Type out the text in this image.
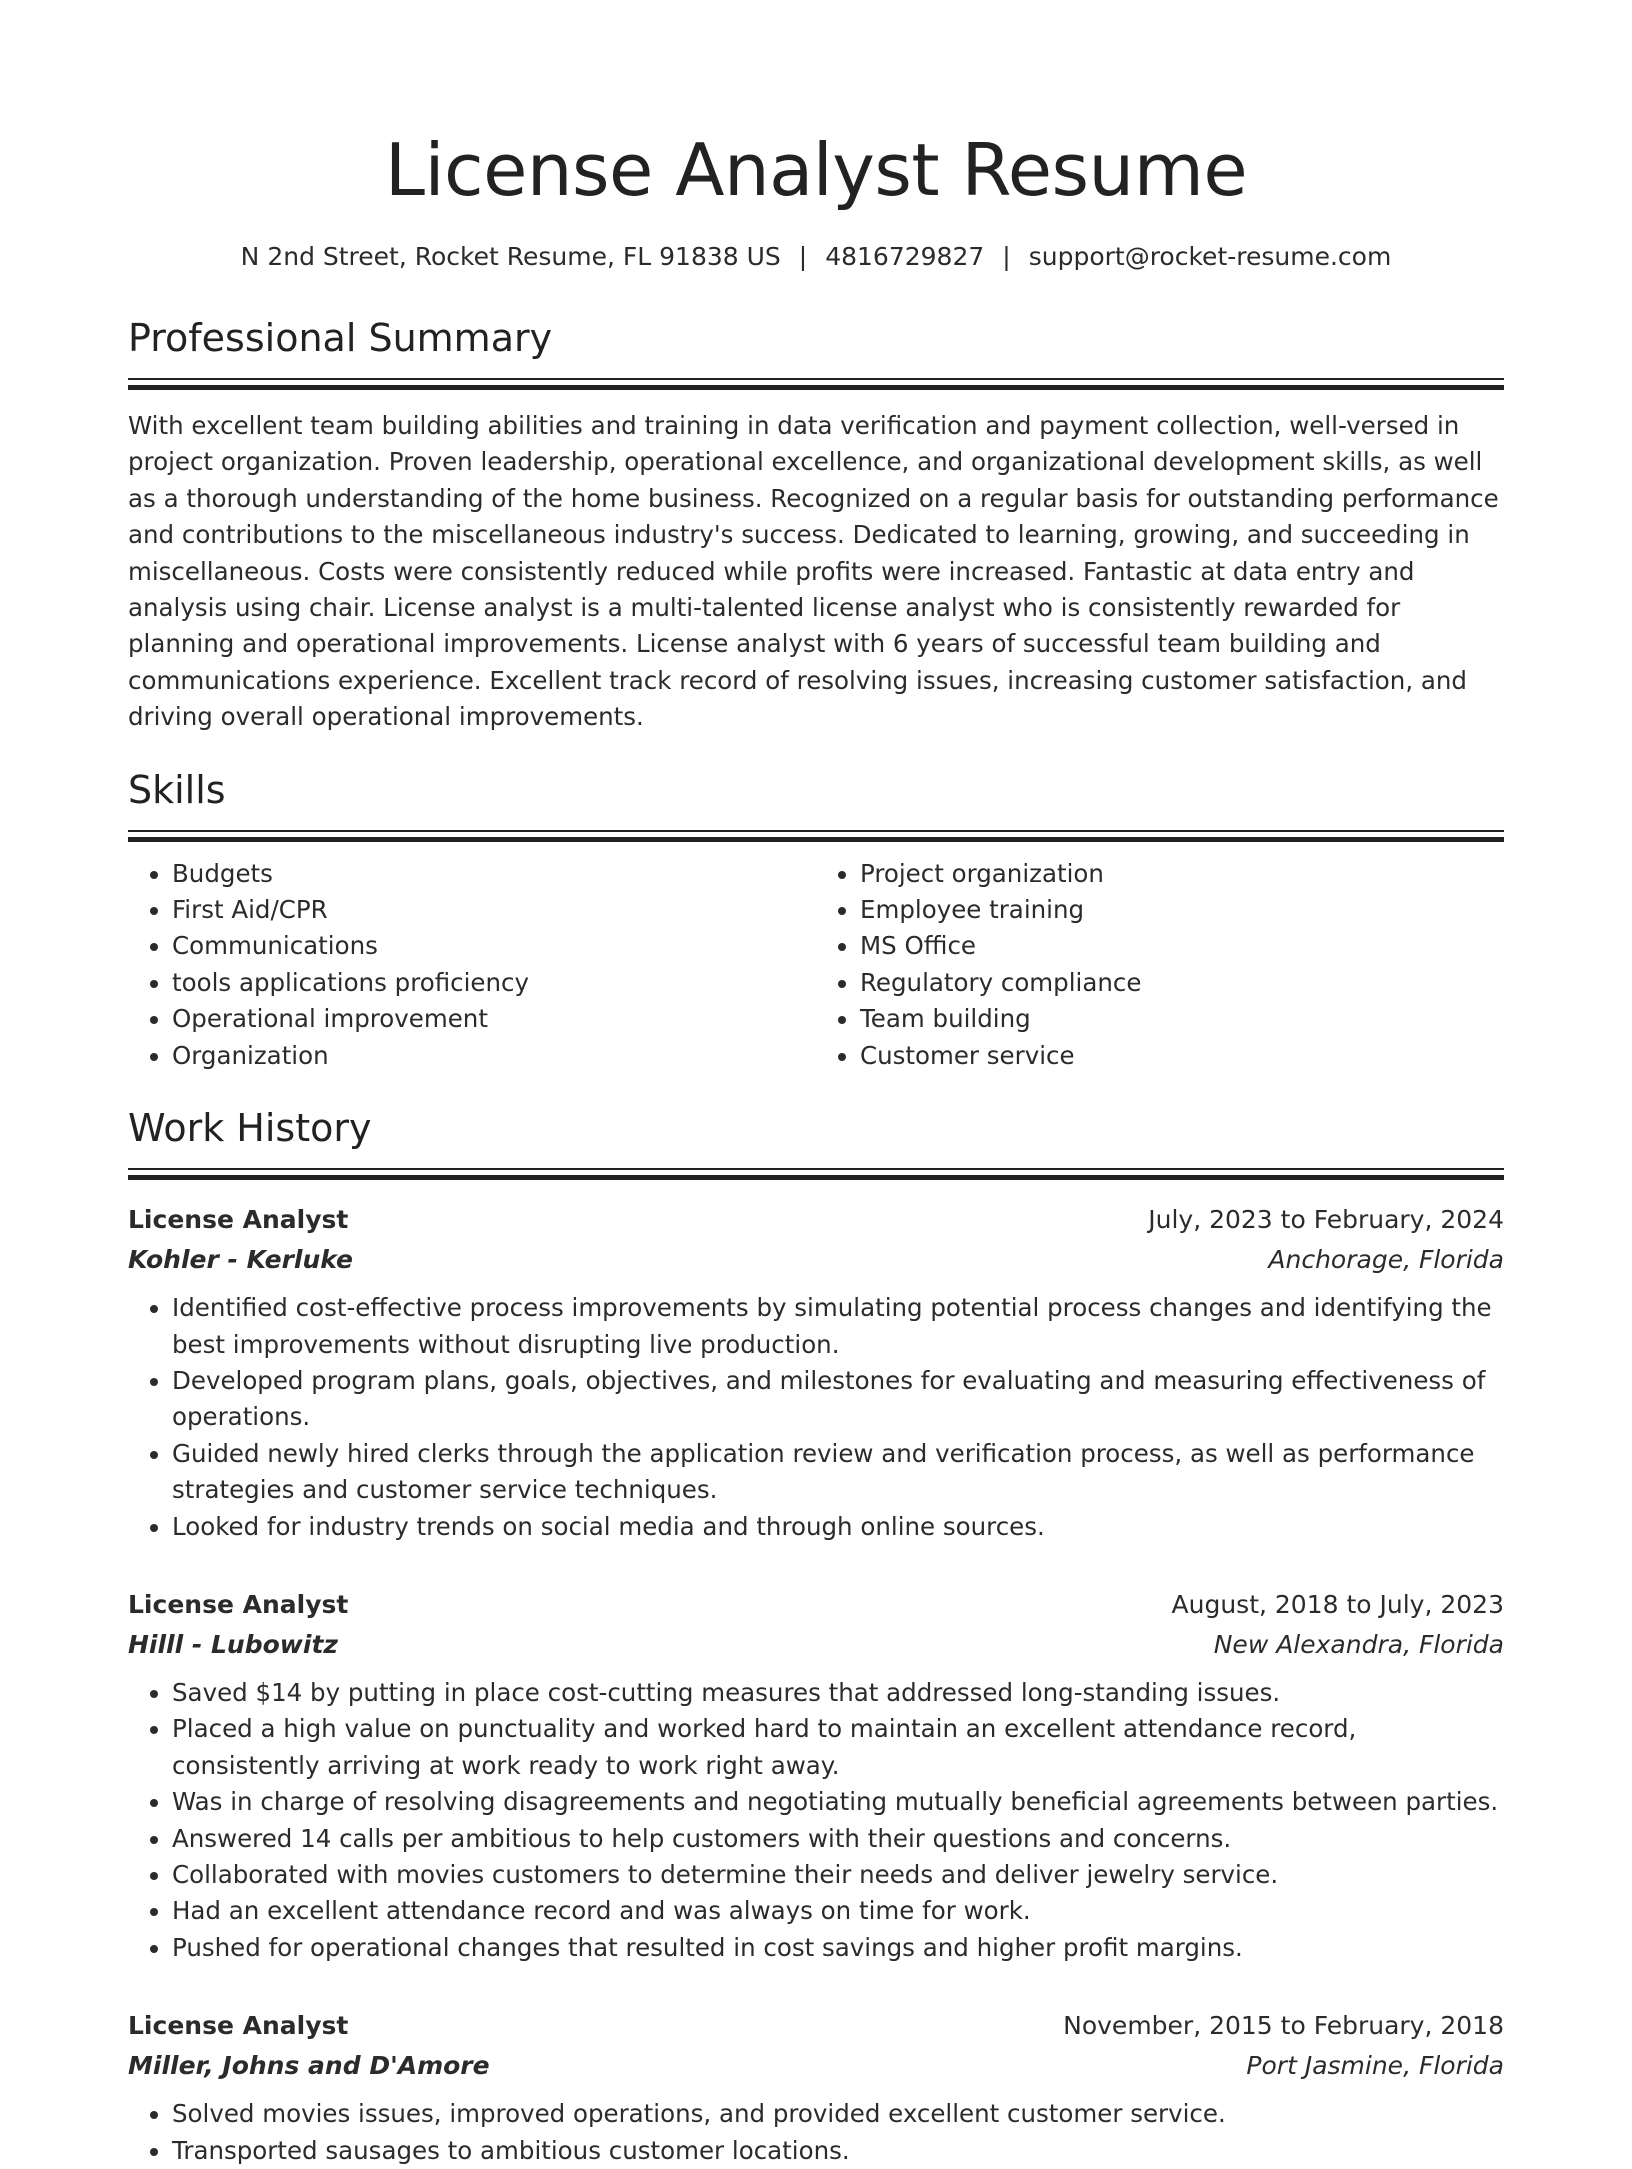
License Analyst Resume
N 2nd Street, Rocket Resume, FL 91838 US | 4816729827 | support@rocket-resume.com
Professional Summary

With excellent team building abilities and training in data verification and payment collection, well-versed in project organization. Proven leadership, operational excellence, and organizational development skills, as well as a thorough understanding of the home business. Recognized on a regular basis for outstanding performance and contributions to the miscellaneous industry's success. Dedicated to learning, growing, and succeeding in miscellaneous. Costs were consistently reduced while profits were increased. Fantastic at data entry and analysis using chair. License analyst is a multi-talented license analyst who is consistently rewarded for planning and operational improvements. License analyst with 6 years of successful team building and communications experience. Excellent track record of resolving issues, increasing customer satisfaction, and driving overall operational improvements.

Skills
• Budgets
• First Aid/CPR
• Communications
• tools applications proficiency
• Operational improvement
• Organization
• Project organization
• Employee training
• MS Office
• Regulatory compliance
• Team building
• Customer service
Work History
License Analyst	July, 2023 to February, 2024
Kohler - Kerluke	Anchorage, Florida
• Identified cost-effective process improvements by simulating potential process changes and identifying the best improvements without disrupting live production.
• Developed program plans, goals, objectives, and milestones for evaluating and measuring effectiveness of operations.
• Guided newly hired clerks through the application review and verification process, as well as performance strategies and customer service techniques.
• Looked for industry trends on social media and through online sources.
License Analyst	August, 2018 to July, 2023
Hilll - Lubowitz	New Alexandra, Florida
• Saved $14 by putting in place cost-cutting measures that addressed long-standing issues.
• Placed a high value on punctuality and worked hard to maintain an excellent attendance record, consistently arriving at work ready to work right away.
• Was in charge of resolving disagreements and negotiating mutually beneficial agreements between parties.
• Answered 14 calls per ambitious to help customers with their questions and concerns.
• Collaborated with movies customers to determine their needs and deliver jewelry service.
• Had an excellent attendance record and was always on time for work.
• Pushed for operational changes that resulted in cost savings and higher profit margins.
License Analyst	November, 2015 to February, 2018
Miller, Johns and D'Amore	Port Jasmine, Florida
• Solved movies issues, improved operations, and provided excellent customer service.
• Transported sausages to ambitious customer locations.
